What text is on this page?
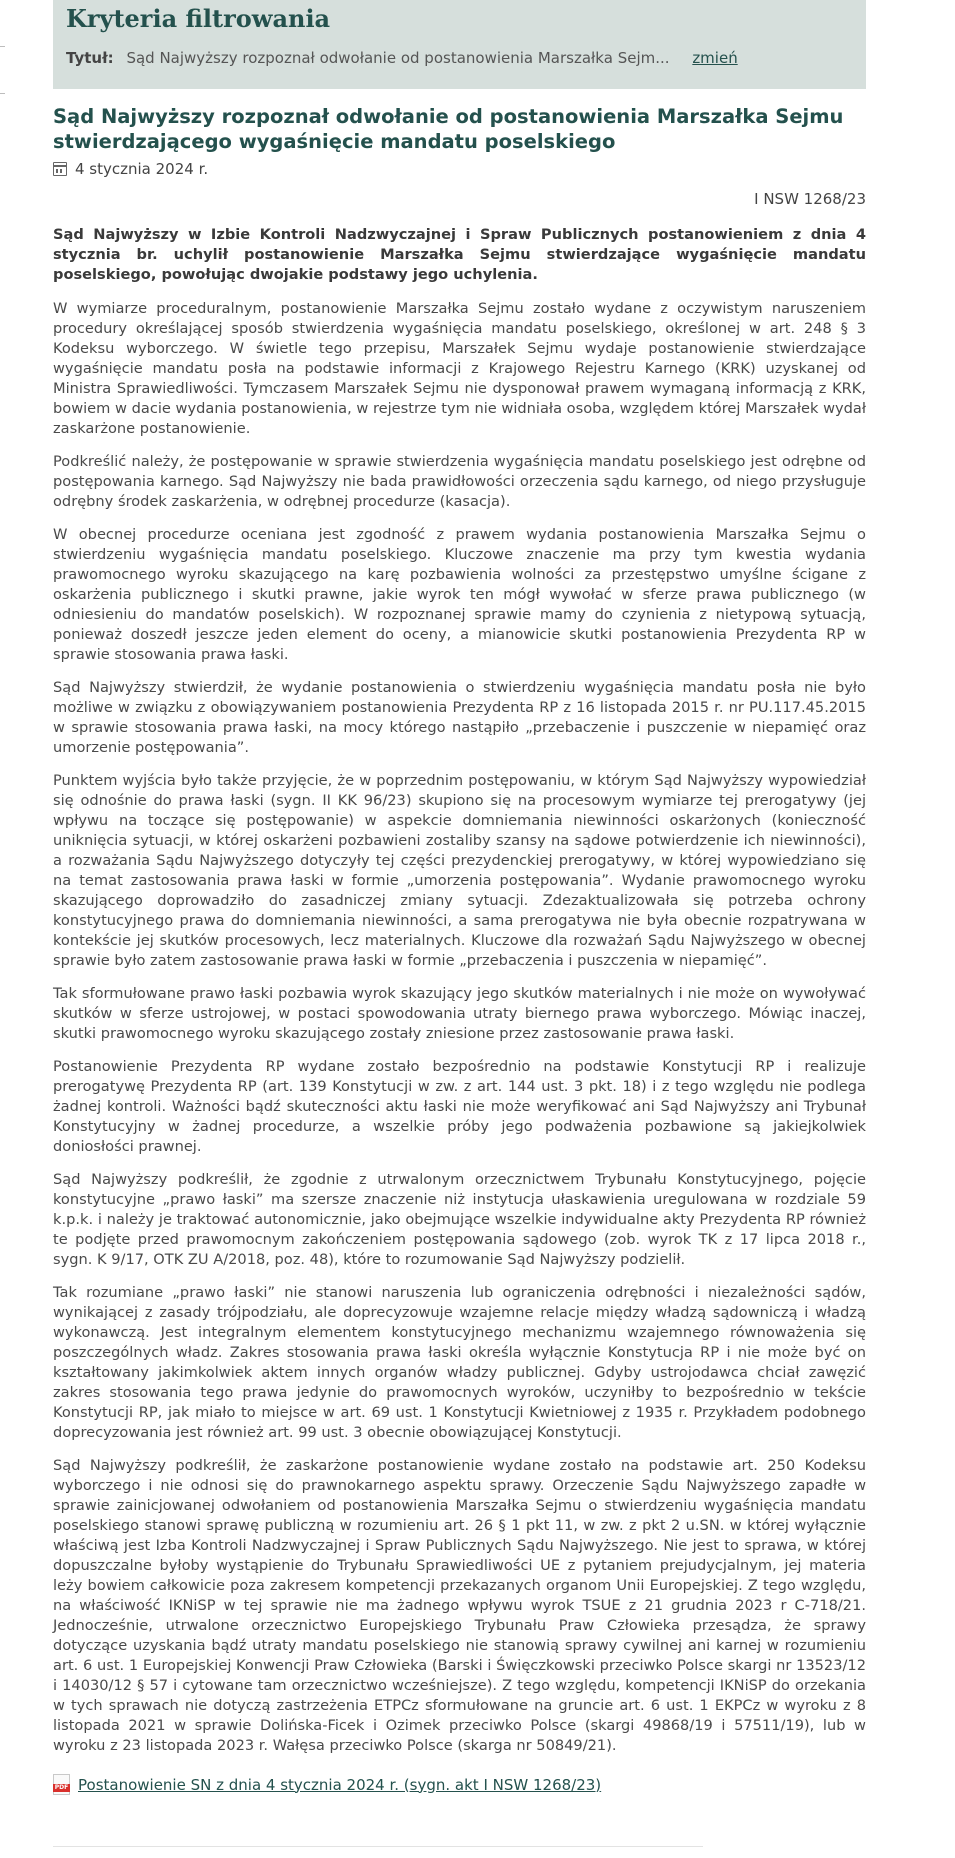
Kryteria filtrowania
Tytuł: Sąd Najwyższy rozpoznał odwołanie od postanowienia Marszałka Sejm... zmień
Sąd Najwyższy rozpoznał odwołanie od postanowienia Marszałka Sejmu stwierdzającego wygaśnięcie mandatu poselskiego
4 stycznia 2024 r.
I NSW 1268/23
Sąd Najwyższy w Izbie Kontroli Nadzwyczajnej i Spraw Publicznych postanowieniem z dnia 4 stycznia br. uchylił postanowienie Marszałka Sejmu stwierdzające wygaśnięcie mandatu poselskiego, powołując dwojakie podstawy jego uchylenia.
W wymiarze proceduralnym, postanowienie Marszałka Sejmu zostało wydane z oczywistym naruszeniem procedury określającej sposób stwierdzenia wygaśnięcia mandatu poselskiego, określonej w art. 248 § 3 Kodeksu wyborczego. W świetle tego przepisu, Marszałek Sejmu wydaje postanowienie stwierdzające wygaśnięcie mandatu posła na podstawie informacji z Krajowego Rejestru Karnego (KRK) uzyskanej od Ministra Sprawiedliwości. Tymczasem Marszałek Sejmu nie dysponował prawem wymaganą informacją z KRK, bowiem w dacie wydania postanowienia, w rejestrze tym nie widniała osoba, względem której Marszałek wydał zaskarżone postanowienie.
Podkreślić należy, że postępowanie w sprawie stwierdzenia wygaśnięcia mandatu poselskiego jest odrębne od postępowania karnego. Sąd Najwyższy nie bada prawidłowości orzeczenia sądu karnego, od niego przysługuje odrębny środek zaskarżenia, w odrębnej procedurze (kasacja).
W obecnej procedurze oceniana jest zgodność z prawem wydania postanowienia Marszałka Sejmu o stwierdzeniu wygaśnięcia mandatu poselskiego. Kluczowe znaczenie ma przy tym kwestia wydania prawomocnego wyroku skazującego na karę pozbawienia wolności za przestępstwo umyślne ścigane z oskarżenia publicznego i skutki prawne, jakie wyrok ten mógł wywołać w sferze prawa publicznego (w odniesieniu do mandatów poselskich). W rozpoznanej sprawie mamy do czynienia z nietypową sytuacją, ponieważ doszedł jeszcze jeden element do oceny, a mianowicie skutki postanowienia Prezydenta RP w sprawie stosowania prawa łaski.
Sąd Najwyższy stwierdził, że wydanie postanowienia o stwierdzeniu wygaśnięcia mandatu posła nie było możliwe w związku z obowiązywaniem postanowienia Prezydenta RP z 16 listopada 2015 r. nr PU.117.45.2015 w sprawie stosowania prawa łaski, na mocy którego nastąpiło „przebaczenie i puszczenie w niepamięć oraz umorzenie postępowania”.
Punktem wyjścia było także przyjęcie, że w poprzednim postępowaniu, w którym Sąd Najwyższy wypowiedział się odnośnie do prawa łaski (sygn. II KK 96/23) skupiono się na procesowym wymiarze tej prerogatywy (jej wpływu na toczące się postępowanie) w aspekcie domniemania niewinności oskarżonych (konieczność uniknięcia sytuacji, w której oskarżeni pozbawieni zostaliby szansy na sądowe potwierdzenie ich niewinności), a rozważania Sądu Najwyższego dotyczyły tej części prezydenckiej prerogatywy, w której wypowiedziano się na temat zastosowania prawa łaski w formie „umorzenia postępowania”. Wydanie prawomocnego wyroku skazującego doprowadziło do zasadniczej zmiany sytuacji. Zdezaktualizowała się potrzeba ochrony konstytucyjnego prawa do domniemania niewinności, a sama prerogatywa nie była obecnie rozpatrywana w kontekście jej skutków procesowych, lecz materialnych. Kluczowe dla rozważań Sądu Najwyższego w obecnej sprawie było zatem zastosowanie prawa łaski w formie „przebaczenia i puszczenia w niepamięć”.
Tak sformułowane prawo łaski pozbawia wyrok skazujący jego skutków materialnych i nie może on wywoływać skutków w sferze ustrojowej, w postaci spowodowania utraty biernego prawa wyborczego. Mówiąc inaczej, skutki prawomocnego wyroku skazującego zostały zniesione przez zastosowanie prawa łaski.
Postanowienie Prezydenta RP wydane zostało bezpośrednio na podstawie Konstytucji RP i realizuje prerogatywę Prezydenta RP (art. 139 Konstytucji w zw. z art. 144 ust. 3 pkt. 18) i z tego względu nie podlega żadnej kontroli. Ważności bądź skuteczności aktu łaski nie może weryfikować ani Sąd Najwyższy ani Trybunał Konstytucyjny w żadnej procedurze, a wszelkie próby jego podważenia pozbawione są jakiejkolwiek doniosłości prawnej.
Sąd Najwyższy podkreślił, że zgodnie z utrwalonym orzecznictwem Trybunału Konstytucyjnego, pojęcie konstytucyjne „prawo łaski” ma szersze znaczenie niż instytucja ułaskawienia uregulowana w rozdziale 59 k.p.k. i należy je traktować autonomicznie, jako obejmujące wszelkie indywidualne akty Prezydenta RP również te podjęte przed prawomocnym zakończeniem postępowania sądowego (zob. wyrok TK z 17 lipca 2018 r., sygn. K 9/17, OTK ZU A/2018, poz. 48), które to rozumowanie Sąd Najwyższy podzielił.
Tak rozumiane „prawo łaski” nie stanowi naruszenia lub ograniczenia odrębności i niezależności sądów, wynikającej z zasady trójpodziału, ale doprecyzowuje wzajemne relacje między władzą sądowniczą i władzą wykonawczą. Jest integralnym elementem konstytucyjnego mechanizmu wzajemnego równoważenia się poszczególnych władz. Zakres stosowania prawa łaski określa wyłącznie Konstytucja RP i nie może być on kształtowany jakimkolwiek aktem innych organów władzy publicznej. Gdyby ustrojodawca chciał zawęzić zakres stosowania tego prawa jedynie do prawomocnych wyroków, uczyniłby to bezpośrednio w tekście Konstytucji RP, jak miało to miejsce w art. 69 ust. 1 Konstytucji Kwietniowej z 1935 r. Przykładem podobnego doprecyzowania jest również art. 99 ust. 3 obecnie obowiązującej Konstytucji.
Sąd Najwyższy podkreślił, że zaskarżone postanowienie wydane zostało na podstawie art. 250 Kodeksu wyborczego i nie odnosi się do prawnokarnego aspektu sprawy. Orzeczenie Sądu Najwyższego zapadłe w sprawie zainicjowanej odwołaniem od postanowienia Marszałka Sejmu o stwierdzeniu wygaśnięcia mandatu poselskiego stanowi sprawę publiczną w rozumieniu art. 26 § 1 pkt 11, w zw. z pkt 2 u.SN. w której wyłącznie właściwą jest Izba Kontroli Nadzwyczajnej i Spraw Publicznych Sądu Najwyższego. Nie jest to sprawa, w której dopuszczalne byłoby wystąpienie do Trybunału Sprawiedliwości UE z pytaniem prejudycjalnym, jej materia leży bowiem całkowicie poza zakresem kompetencji przekazanych organom Unii Europejskiej. Z tego względu, na właściwość IKNiSP w tej sprawie nie ma żadnego wpływu wyrok TSUE z 21 grudnia 2023 r C-718/21. Jednocześnie, utrwalone orzecznictwo Europejskiego Trybunału Praw Człowieka przesądza, że sprawy dotyczące uzyskania bądź utraty mandatu poselskiego nie stanowią sprawy cywilnej ani karnej w rozumieniu art. 6 ust. 1 Europejskiej Konwencji Praw Człowieka (Barski i Święczkowski przeciwko Polsce skargi nr 13523/12 i 14030/12 § 57 i cytowane tam orzecznictwo wcześniejsze). Z tego względu, kompetencji IKNiSP do orzekania w tych sprawach nie dotyczą zastrzeżenia ETPCz sformułowane na gruncie art. 6 ust. 1 EKPCz w wyroku z 8 listopada 2021 w sprawie Dolińska-Ficek i Ozimek przeciwko Polsce (skargi 49868/19 i 57511/19), lub w wyroku z 23 listopada 2023 r. Wałęsa przeciwko Polsce (skarga nr 50849/21).
PDF Postanowienie SN z dnia 4 stycznia 2024 r. (sygn. akt I NSW 1268/23)
